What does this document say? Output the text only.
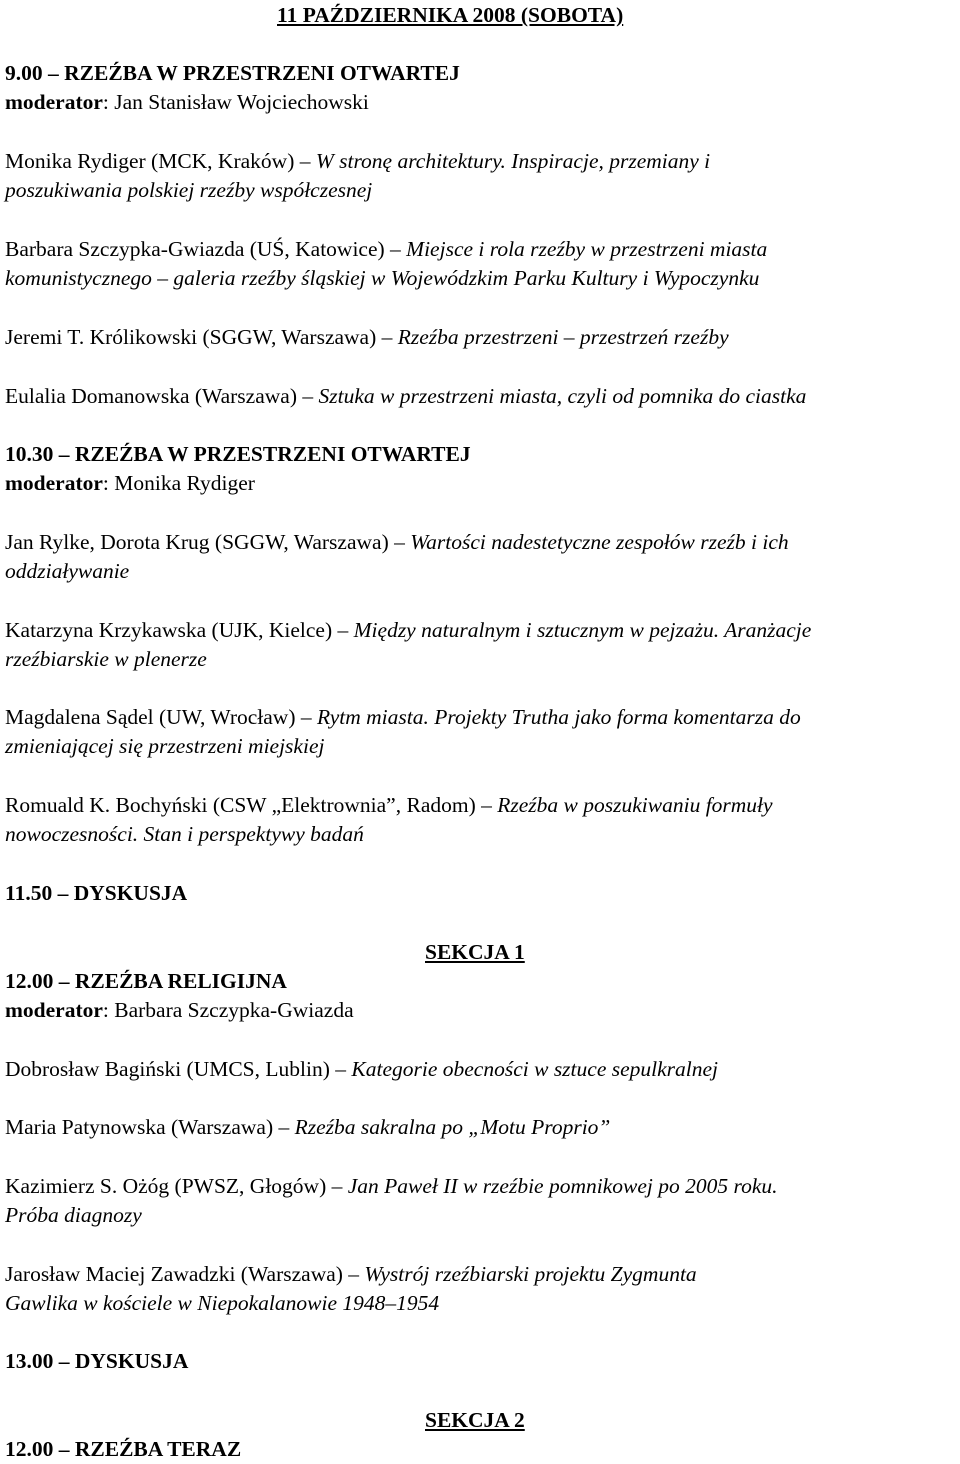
11 PAŹDZIERNIKA 2008 (SOBOTA)
9.00 – RZEŹBA W PRZESTRZENI OTWARTEJ
moderator: Jan Stanisław Wojciechowski
Monika Rydiger (MCK, Kraków) – W stronę architektury. Inspiracje, przemiany i
poszukiwania polskiej rzeźby współczesnej
Barbara Szczypka-Gwiazda (UŚ, Katowice) – Miejsce i rola rzeźby w przestrzeni miasta
komunistycznego – galeria rzeźby śląskiej w Wojewódzkim Parku Kultury i Wypoczynku
Jeremi T. Królikowski (SGGW, Warszawa) – Rzeźba przestrzeni – przestrzeń rzeźby
Eulalia Domanowska (Warszawa) – Sztuka w przestrzeni miasta, czyli od pomnika do ciastka
10.30 – RZEŹBA W PRZESTRZENI OTWARTEJ
moderator: Monika Rydiger
Jan Rylke, Dorota Krug (SGGW, Warszawa) – Wartości nadestetyczne zespołów rzeźb i ich
oddziaływanie
Katarzyna Krzykawska (UJK, Kielce) – Między naturalnym i sztucznym w pejzażu. Aranżacje
rzeźbiarskie w plenerze
Magdalena Sądel (UW, Wrocław) – Rytm miasta. Projekty Trutha jako forma komentarza do
zmieniającej się przestrzeni miejskiej
Romuald K. Bochyński (CSW „Elektrownia”, Radom) – Rzeźba w poszukiwaniu formuły
nowoczesności. Stan i perspektywy badań
11.50 – DYSKUSJA
SEKCJA 1
12.00 – RZEŹBA RELIGIJNA
moderator: Barbara Szczypka-Gwiazda
Dobrosław Bagiński (UMCS, Lublin) – Kategorie obecności w sztuce sepulkralnej
Maria Patynowska (Warszawa) – Rzeźba sakralna po „Motu Proprio”
Kazimierz S. Ożóg (PWSZ, Głogów) – Jan Paweł II w rzeźbie pomnikowej po 2005 roku.
Próba diagnozy
Jarosław Maciej Zawadzki (Warszawa) – Wystrój rzeźbiarski projektu Zygmunta
Gawlika w kościele w Niepokalanowie 1948–1954
13.00 – DYSKUSJA
SEKCJA 2
12.00 – RZEŹBA TERAZ
